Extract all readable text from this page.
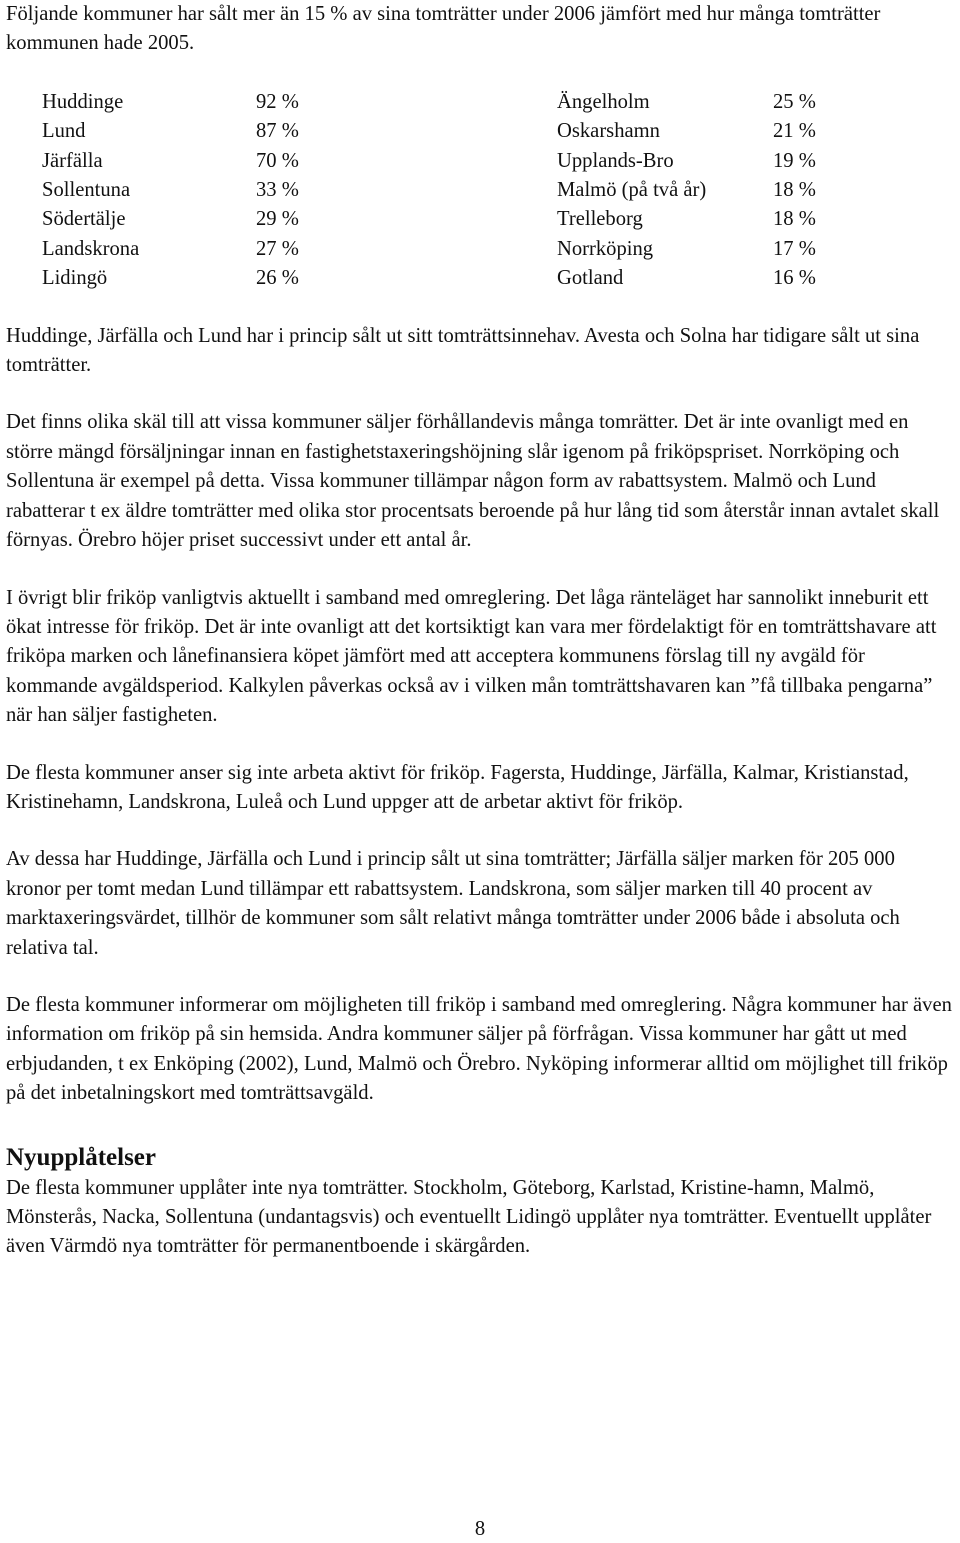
Följande kommuner har sålt mer än 15 % av sina tomträtter under 2006 jämfört med hur många tomträtter kommunen hade 2005.

Huddinge	92 %	Ängelholm	25 %
Lund	87 %	Oskarshamn	21 %
Järfälla	70 %	Upplands-Bro	19 %
Sollentuna	33 %	Malmö (på två år)	18 %
Södertälje	29 %	Trelleborg	18 %
Landskrona	27 %	Norrköping	17 %
Lidingö	26 %	Gotland	16 %

Huddinge, Järfälla och Lund har i princip sålt ut sitt tomträttsinnehav. Avesta och Solna har tidigare sålt ut sina tomträtter.

Det finns olika skäl till att vissa kommuner säljer förhållandevis många tomrätter. Det är inte ovanligt med en större mängd försäljningar innan en fastighetstaxeringshöjning slår igenom på friköpspriset. Norrköping och Sollentuna är exempel på detta. Vissa kommuner tillämpar någon form av rabattsystem. Malmö och Lund rabatterar t ex äldre tomträtter med olika stor procentsats beroende på hur lång tid som återstår innan avtalet skall förnyas. Örebro höjer priset successivt under ett antal år.

I övrigt blir friköp vanligtvis aktuellt i samband med omreglering. Det låga ränteläget har sannolikt inneburit ett ökat intresse för friköp. Det är inte ovanligt att det kortsiktigt kan vara mer fördelaktigt för en tomträttshavare att friköpa marken och lånefinansiera köpet jämfört med att acceptera kommunens förslag till ny avgäld för kommande avgäldsperiod. Kalkylen påverkas också av i vilken mån tomträttshavaren kan ”få tillbaka pengarna” när han säljer fastigheten.

De flesta kommuner anser sig inte arbeta aktivt för friköp. Fagersta, Huddinge, Järfälla, Kalmar, Kristianstad, Kristinehamn, Landskrona, Luleå och Lund uppger att de arbetar aktivt för friköp.

Av dessa har Huddinge, Järfälla och Lund i princip sålt ut sina tomträtter; Järfälla säljer marken för 205 000 kronor per tomt medan Lund tillämpar ett rabattsystem. Landskrona, som säljer marken till 40 procent av marktaxeringsvärdet, tillhör de kommuner som sålt relativt många tomträtter under 2006 både i absoluta och relativa tal.

De flesta kommuner informerar om möjligheten till friköp i samband med omreglering. Några kommuner har även information om friköp på sin hemsida. Andra kommuner säljer på förfrågan. Vissa kommuner har gått ut med erbjudanden, t ex Enköping (2002), Lund, Malmö och Örebro. Nyköping informerar alltid om möjlighet till friköp på det inbetalningskort med tomträttsavgäld.

Nyupplåtelser

De flesta kommuner upplåter inte nya tomträtter. Stockholm, Göteborg, Karlstad, Kristine-hamn, Malmö, Mönsterås, Nacka, Sollentuna (undantagsvis) och eventuellt Lidingö upplåter nya tomträtter. Eventuellt upplåter även Värmdö nya tomträtter för permanentboende i skärgården.

8
